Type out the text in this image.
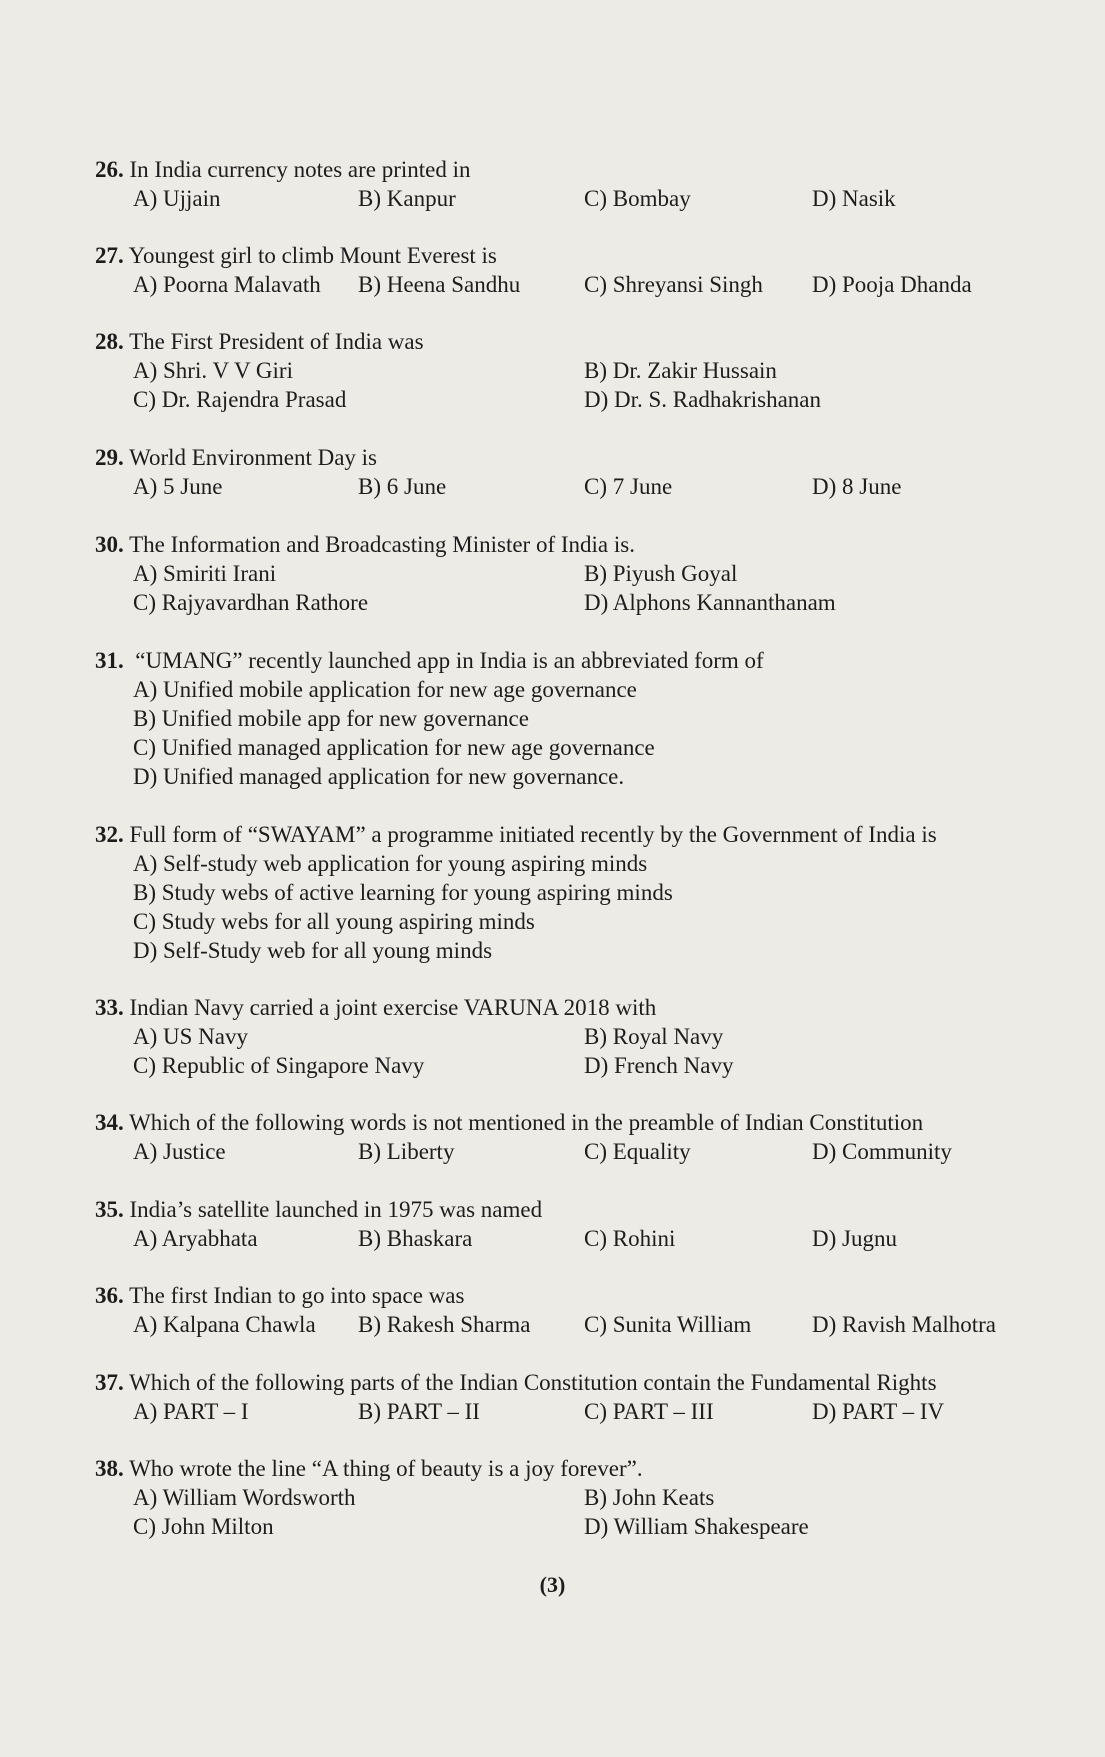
26. In India currency notes are printed in
A) Ujjain	B) Kanpur	C) Bombay	D) Nasik
27. Youngest girl to climb Mount Everest is
A) Poorna Malavath B) Heena Sandhu	C) Shreyansi Singh D) Pooja Dhanda
28. The First President of India was
A) Shri. V V Giri	B) Dr. Zakir Hussain
C) Dr. Rajendra Prasad	D) Dr. S. Radhakrishanan
29. World Environment Day is
A) 5 June	B) 6 June	C) 7 June	D) 8 June
30. The Information and Broadcasting Minister of India is.
A) Smiriti Irani	B) Piyush Goyal
C) Rajyavardhan Rathore	D) Alphons Kannanthanam
31. “UMANG” recently launched app in India is an abbreviated form of
A) Unified mobile application for new age governance
B) Unified mobile app for new governance
C) Unified managed application for new age governance
D) Unified managed application for new governance.
32. Full form of “SWAYAM” a programme initiated recently by the Government of India is
A) Self-study web application for young aspiring minds
B) Study webs of active learning for young aspiring minds
C) Study webs for all young aspiring minds
D) Self-Study web for all young minds
33. Indian Navy carried a joint exercise VARUNA 2018 with
A) US Navy	B) Royal Navy
C) Republic of Singapore Navy	D) French Navy
34. Which of the following words is not mentioned in the preamble of Indian Constitution
A) Justice	B) Liberty	C) Equality	D) Community
35. India’s satellite launched in 1975 was named
A) Aryabhata	B) Bhaskara	C) Rohini	D) Jugnu
36. The first Indian to go into space was
A) Kalpana Chawla B) Rakesh Sharma C) Sunita William	D) Ravish Malhotra
37. Which of the following parts of the Indian Constitution contain the Fundamental Rights
A) PART – I	B) PART – II	C) PART – III	D) PART – IV
38. Who wrote the line “A thing of beauty is a joy forever”.
A) William Wordsworth	B) John Keats
C) John Milton	D) William Shakespeare
(3)
